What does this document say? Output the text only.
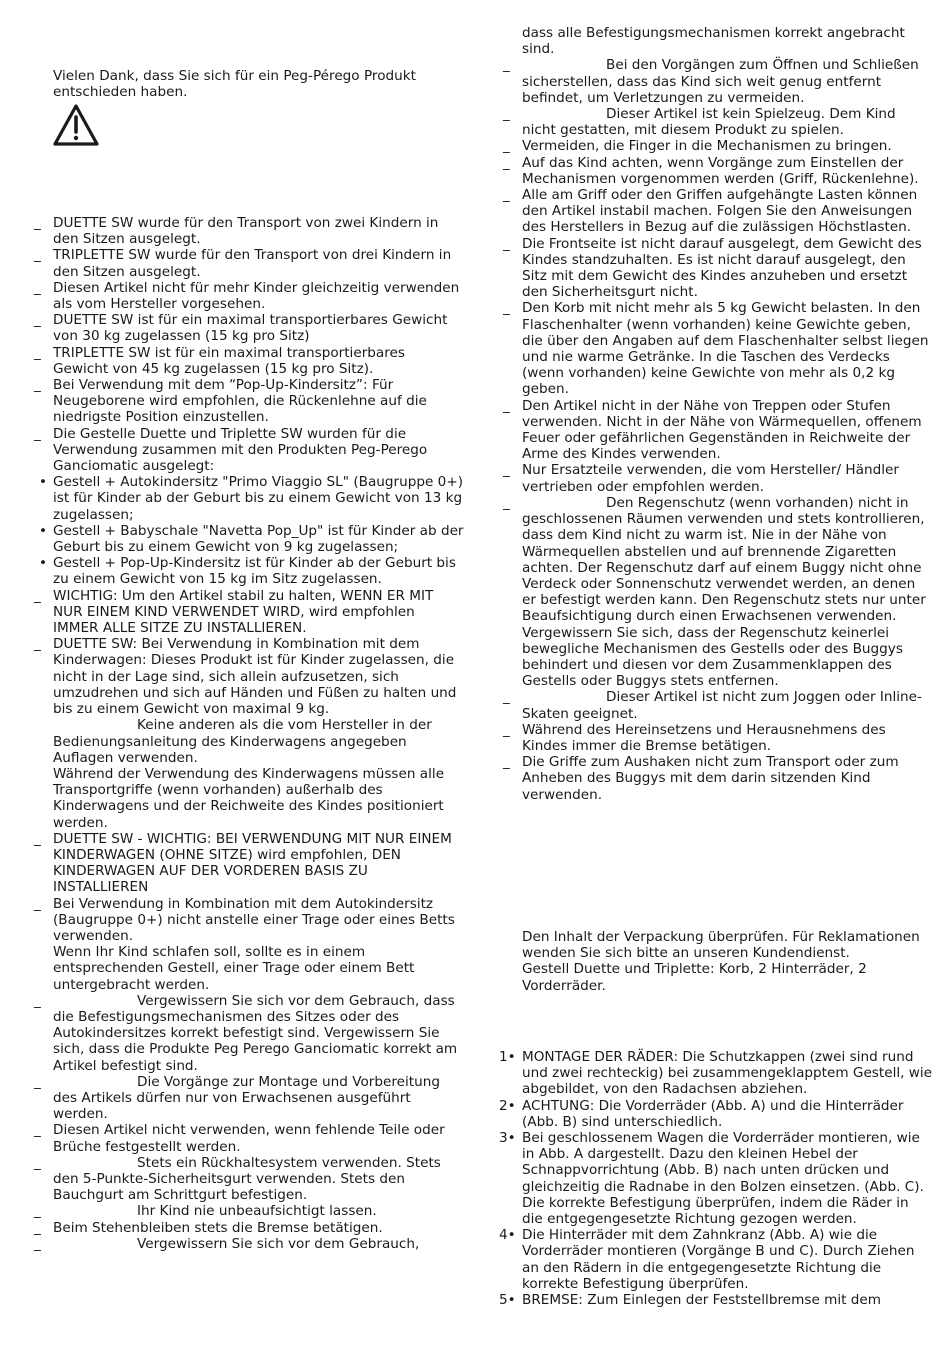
Vielen Dank, dass Sie sich für ein Peg-Pérego Produkt entschieden haben.

_ DUETTE SW wurde für den Transport von zwei Kindern in den Sitzen ausgelegt.

_ TRIPLETTE SW wurde für den Transport von drei Kindern in den Sitzen ausgelegt.

_ Diesen Artikel nicht für mehr Kinder gleichzeitig verwenden als vom Hersteller vorgesehen.

_ DUETTE SW ist für ein maximal transportierbares Gewicht von 30 kg zugelassen (15 kg pro Sitz)

_ TRIPLETTE SW ist für ein maximal transportierbares Gewicht von 45 kg zugelassen (15 kg pro Sitz).

_ Bei Verwendung mit dem “Pop-Up-Kindersitz”: Für Neugeborene wird empfohlen, die Rückenlehne auf die niedrigste Position einzustellen.

_ Die Gestelle Duette und Triplette SW wurden für die Verwendung zusammen mit den Produkten Peg-Perego Ganciomatic ausgelegt:

• Gestell + Autokindersitz "Primo Viaggio SL" (Baugruppe 0+) ist für Kinder ab der Geburt bis zu einem Gewicht von 13 kg zugelassen;

• Gestell + Babyschale "Navetta Pop_Up" ist für Kinder ab der Geburt bis zu einem Gewicht von 9 kg zugelassen;

• Gestell + Pop-Up-Kindersitz ist für Kinder ab der Geburt bis zu einem Gewicht von 15 kg im Sitz zugelassen.

_ WICHTIG: Um den Artikel stabil zu halten, WENN ER MIT NUR EINEM KIND VERWENDET WIRD, wird empfohlen IMMER ALLE SITZE ZU INSTALLIEREN.

_ DUETTE SW: Bei Verwendung in Kombination mit dem Kinderwagen: Dieses Produkt ist für Kinder zugelassen, die nicht in der Lage sind, sich allein aufzusetzen, sich umzudrehen und sich auf Händen und Füßen zu halten und bis zu einem Gewicht von maximal 9 kg.

Keine anderen als die vom Hersteller in der Bedienungsanleitung des Kinderwagens angegeben Auflagen verwenden.

Während der Verwendung des Kinderwagens müssen alle Transportgriffe (wenn vorhanden) außerhalb des Kinderwagens und der Reichweite des Kindes positioniert werden.

_ DUETTE SW - WICHTIG: BEI VERWENDUNG MIT NUR EINEM KINDERWAGEN (OHNE SITZE) wird empfohlen, DEN KINDERWAGEN AUF DER VORDEREN BASIS ZU INSTALLIEREN

_ Bei Verwendung in Kombination mit dem Autokindersitz (Baugruppe 0+) nicht anstelle einer Trage oder eines Betts verwenden.

Wenn Ihr Kind schlafen soll, sollte es in einem entsprechenden Gestell, einer Trage oder einem Bett untergebracht werden.

_	Vergewissern Sie sich vor dem Gebrauch, dass die Befestigungsmechanismen des Sitzes oder des Autokindersitzes korrekt befestigt sind. Vergewissern Sie sich, dass die Produkte Peg Perego Ganciomatic korrekt am Artikel befestigt sind.

_	Die Vorgänge zur Montage und Vorbereitung des Artikels dürfen nur von Erwachsenen ausgeführt werden.

_ Diesen Artikel nicht verwenden, wenn fehlende Teile oder Brüche festgestellt werden.

_	Stets ein Rückhaltesystem verwenden. Stets den 5-Punkte-Sicherheitsgurt verwenden. Stets den Bauchgurt am Schrittgurt befestigen.

_	Ihr Kind nie unbeaufsichtigt lassen.

_ Beim Stehenbleiben stets die Bremse betätigen.

_	Vergewissern Sie sich vor dem Gebrauch,

dass alle Befestigungsmechanismen korrekt angebracht sind.

_	Bei den Vorgängen zum Öffnen und Schließen sicherstellen, dass das Kind sich weit genug entfernt befindet, um Verletzungen zu vermeiden.

_	Dieser Artikel ist kein Spielzeug. Dem Kind nicht gestatten, mit diesem Produkt zu spielen.

_ Vermeiden, die Finger in die Mechanismen zu bringen.

_ Auf das Kind achten, wenn Vorgänge zum Einstellen der Mechanismen vorgenommen werden (Griff, Rückenlehne).

_ Alle am Griff oder den Griffen aufgehängte Lasten können den Artikel instabil machen. Folgen Sie den Anweisungen des Herstellers in Bezug auf die zulässigen Höchstlasten.

_ Die Frontseite ist nicht darauf ausgelegt, dem Gewicht des Kindes standzuhalten. Es ist nicht darauf ausgelegt, den Sitz mit dem Gewicht des Kindes anzuheben und ersetzt den Sicherheitsgurt nicht.

_ Den Korb mit nicht mehr als 5 kg Gewicht belasten. In den Flaschenhalter (wenn vorhanden) keine Gewichte geben, die über den Angaben auf dem Flaschenhalter selbst liegen und nie warme Getränke. In die Taschen des Verdecks (wenn vorhanden) keine Gewichte von mehr als 0,2 kg geben.

_ Den Artikel nicht in der Nähe von Treppen oder Stufen verwenden. Nicht in der Nähe von Wärmequellen, offenem Feuer oder gefährlichen Gegenständen in Reichweite der Arme des Kindes verwenden.

_ Nur Ersatzteile verwenden, die vom Hersteller/ Händler vertrieben oder empfohlen werden.

_	Den Regenschutz (wenn vorhanden) nicht in geschlossenen Räumen verwenden und stets kontrollieren, dass dem Kind nicht zu warm ist. Nie in der Nähe von Wärmequellen abstellen und auf brennende Zigaretten achten. Der Regenschutz darf auf einem Buggy nicht ohne Verdeck oder Sonnenschutz verwendet werden, an denen er befestigt werden kann. Den Regenschutz stets nur unter Beaufsichtigung durch einen Erwachsenen verwenden. Vergewissern Sie sich, dass der Regenschutz keinerlei bewegliche Mechanismen des Gestells oder des Buggys behindert und diesen vor dem Zusammenklappen des Gestells oder Buggys stets entfernen.

_	Dieser Artikel ist nicht zum Joggen oder Inline-Skaten geeignet.

_ Während des Hereinsetzens und Herausnehmens des Kindes immer die Bremse betätigen.

_ Die Griffe zum Aushaken nicht zum Transport oder zum Anheben des Buggys mit dem darin sitzenden Kind verwenden.

Den Inhalt der Verpackung überprüfen. Für Reklamationen wenden Sie sich bitte an unseren Kundendienst.

Gestell Duette und Triplette: Korb, 2 Hinterräder, 2 Vorderräder.

1• MONTAGE DER RÄDER: Die Schutzkappen (zwei sind rund und zwei rechteckig) bei zusammengeklapptem Gestell, wie abgebildet, von den Radachsen abziehen.

2• ACHTUNG: Die Vorderräder (Abb. A) und die Hinterräder (Abb. B) sind unterschiedlich.

3• Bei geschlossenem Wagen die Vorderräder montieren, wie in Abb. A dargestellt. Dazu den kleinen Hebel der Schnappvorrichtung (Abb. B) nach unten drücken und gleichzeitig die Radnabe in den Bolzen einsetzen. (Abb. C). Die korrekte Befestigung überprüfen, indem die Räder in die entgegengesetzte Richtung gezogen werden.

4• Die Hinterräder mit dem Zahnkranz (Abb. A) wie die Vorderräder montieren (Vorgänge B und C). Durch Ziehen an den Rädern in die entgegengesetzte Richtung die korrekte Befestigung überprüfen.

5• BREMSE: Zum Einlegen der Feststellbremse mit dem
